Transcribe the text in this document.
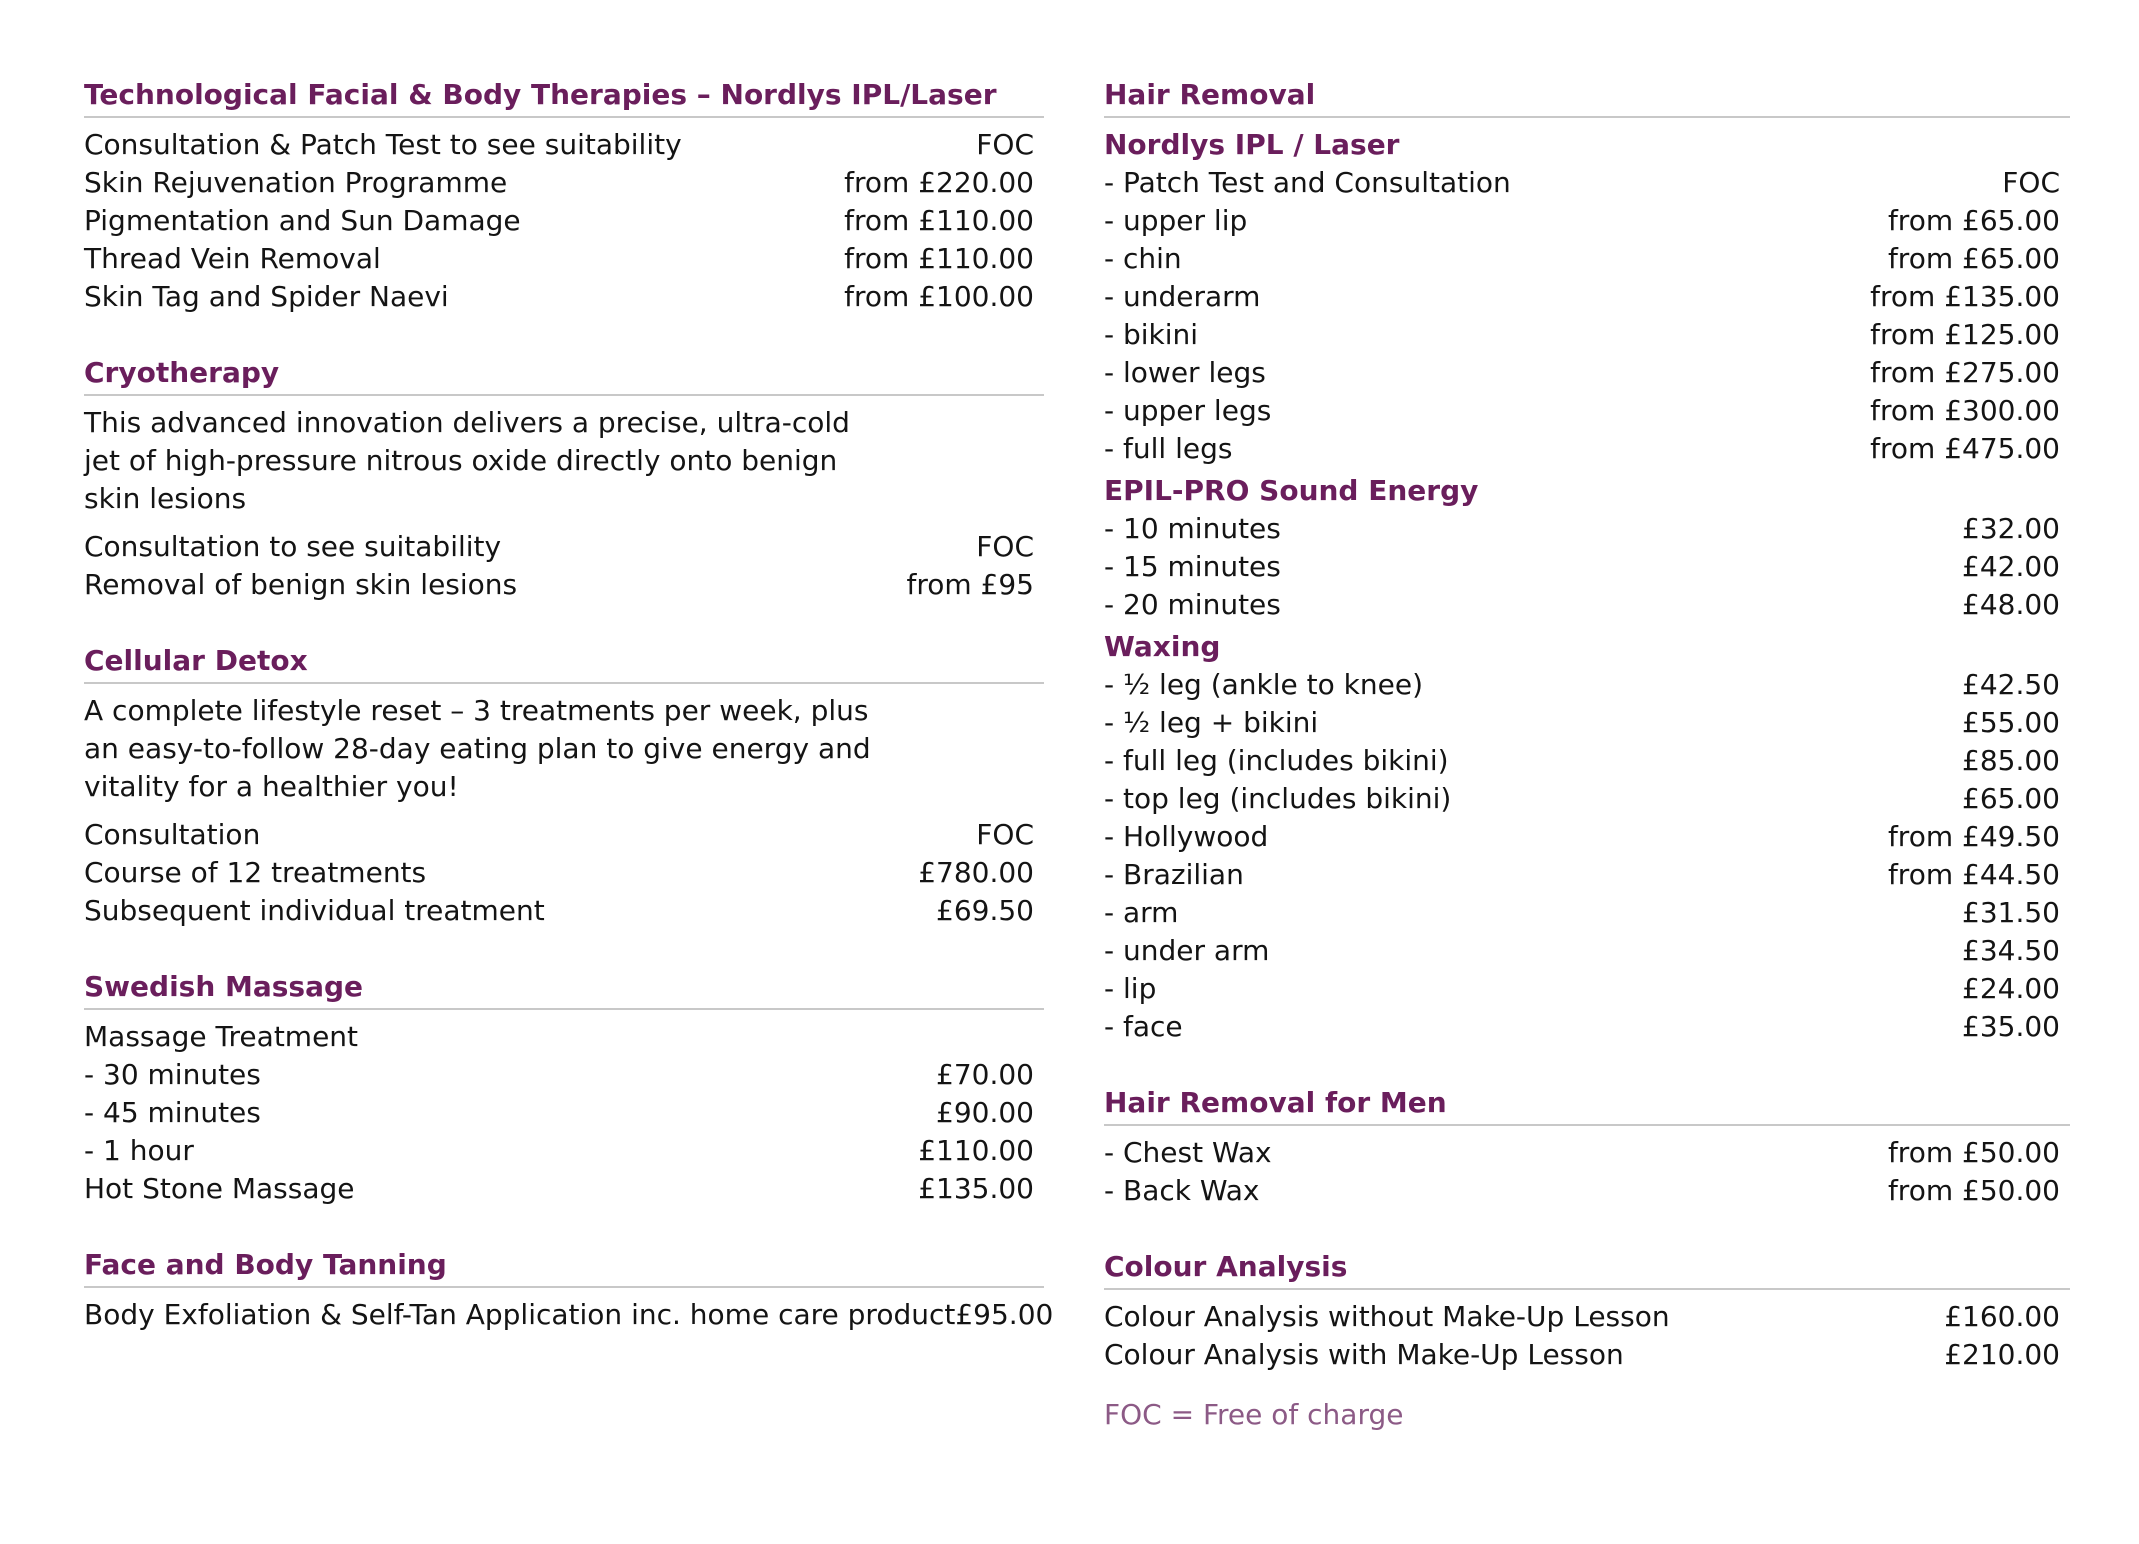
Technological Facial & Body Therapies – Nordlys IPL/Laser
Consultation & Patch Test to see suitability	FOC
Skin Rejuvenation Programme	from £220.00
Pigmentation and Sun Damage	from £110.00
Thread Vein Removal	from £110.00
Skin Tag and Spider Naevi	from £100.00
Cryotherapy
This advanced innovation delivers a precise, ultra-cold jet of high-pressure nitrous oxide directly onto benign skin lesions
Consultation to see suitability	FOC
Removal of benign skin lesions	from £95
Cellular Detox
A complete lifestyle reset – 3 treatments per week, plus an easy-to-follow 28-day eating plan to give energy and vitality for a healthier you!
Consultation	FOC
Course of 12 treatments	£780.00
Subsequent individual treatment	£69.50
Swedish Massage
Massage Treatment
- 30 minutes	£70.00
- 45 minutes	£90.00
- 1 hour	£110.00
Hot Stone Massage	£135.00
Face and Body Tanning
Body Exfoliation & Self-Tan Application inc. home care product £95.00
Hair Removal
Nordlys IPL / Laser
- Patch Test and Consultation	FOC
- upper lip	from £65.00
- chin	from £65.00
- underarm	from £135.00
- bikini	from £125.00
- lower legs	from £275.00
- upper legs	from £300.00
- full legs	from £475.00
EPIL-PRO Sound Energy
- 10 minutes	£32.00
- 15 minutes	£42.00
- 20 minutes	£48.00
Waxing
- ½ leg (ankle to knee)	£42.50
- ½ leg + bikini	£55.00
- full leg (includes bikini)	£85.00
- top leg (includes bikini)	£65.00
- Hollywood	from £49.50
- Brazilian	from £44.50
- arm	£31.50
- under arm	£34.50
- lip	£24.00
- face	£35.00
Hair Removal for Men
- Chest Wax	from £50.00
- Back Wax	from £50.00
Colour Analysis
Colour Analysis without Make-Up Lesson	£160.00
Colour Analysis with Make-Up Lesson	£210.00
FOC = Free of charge
